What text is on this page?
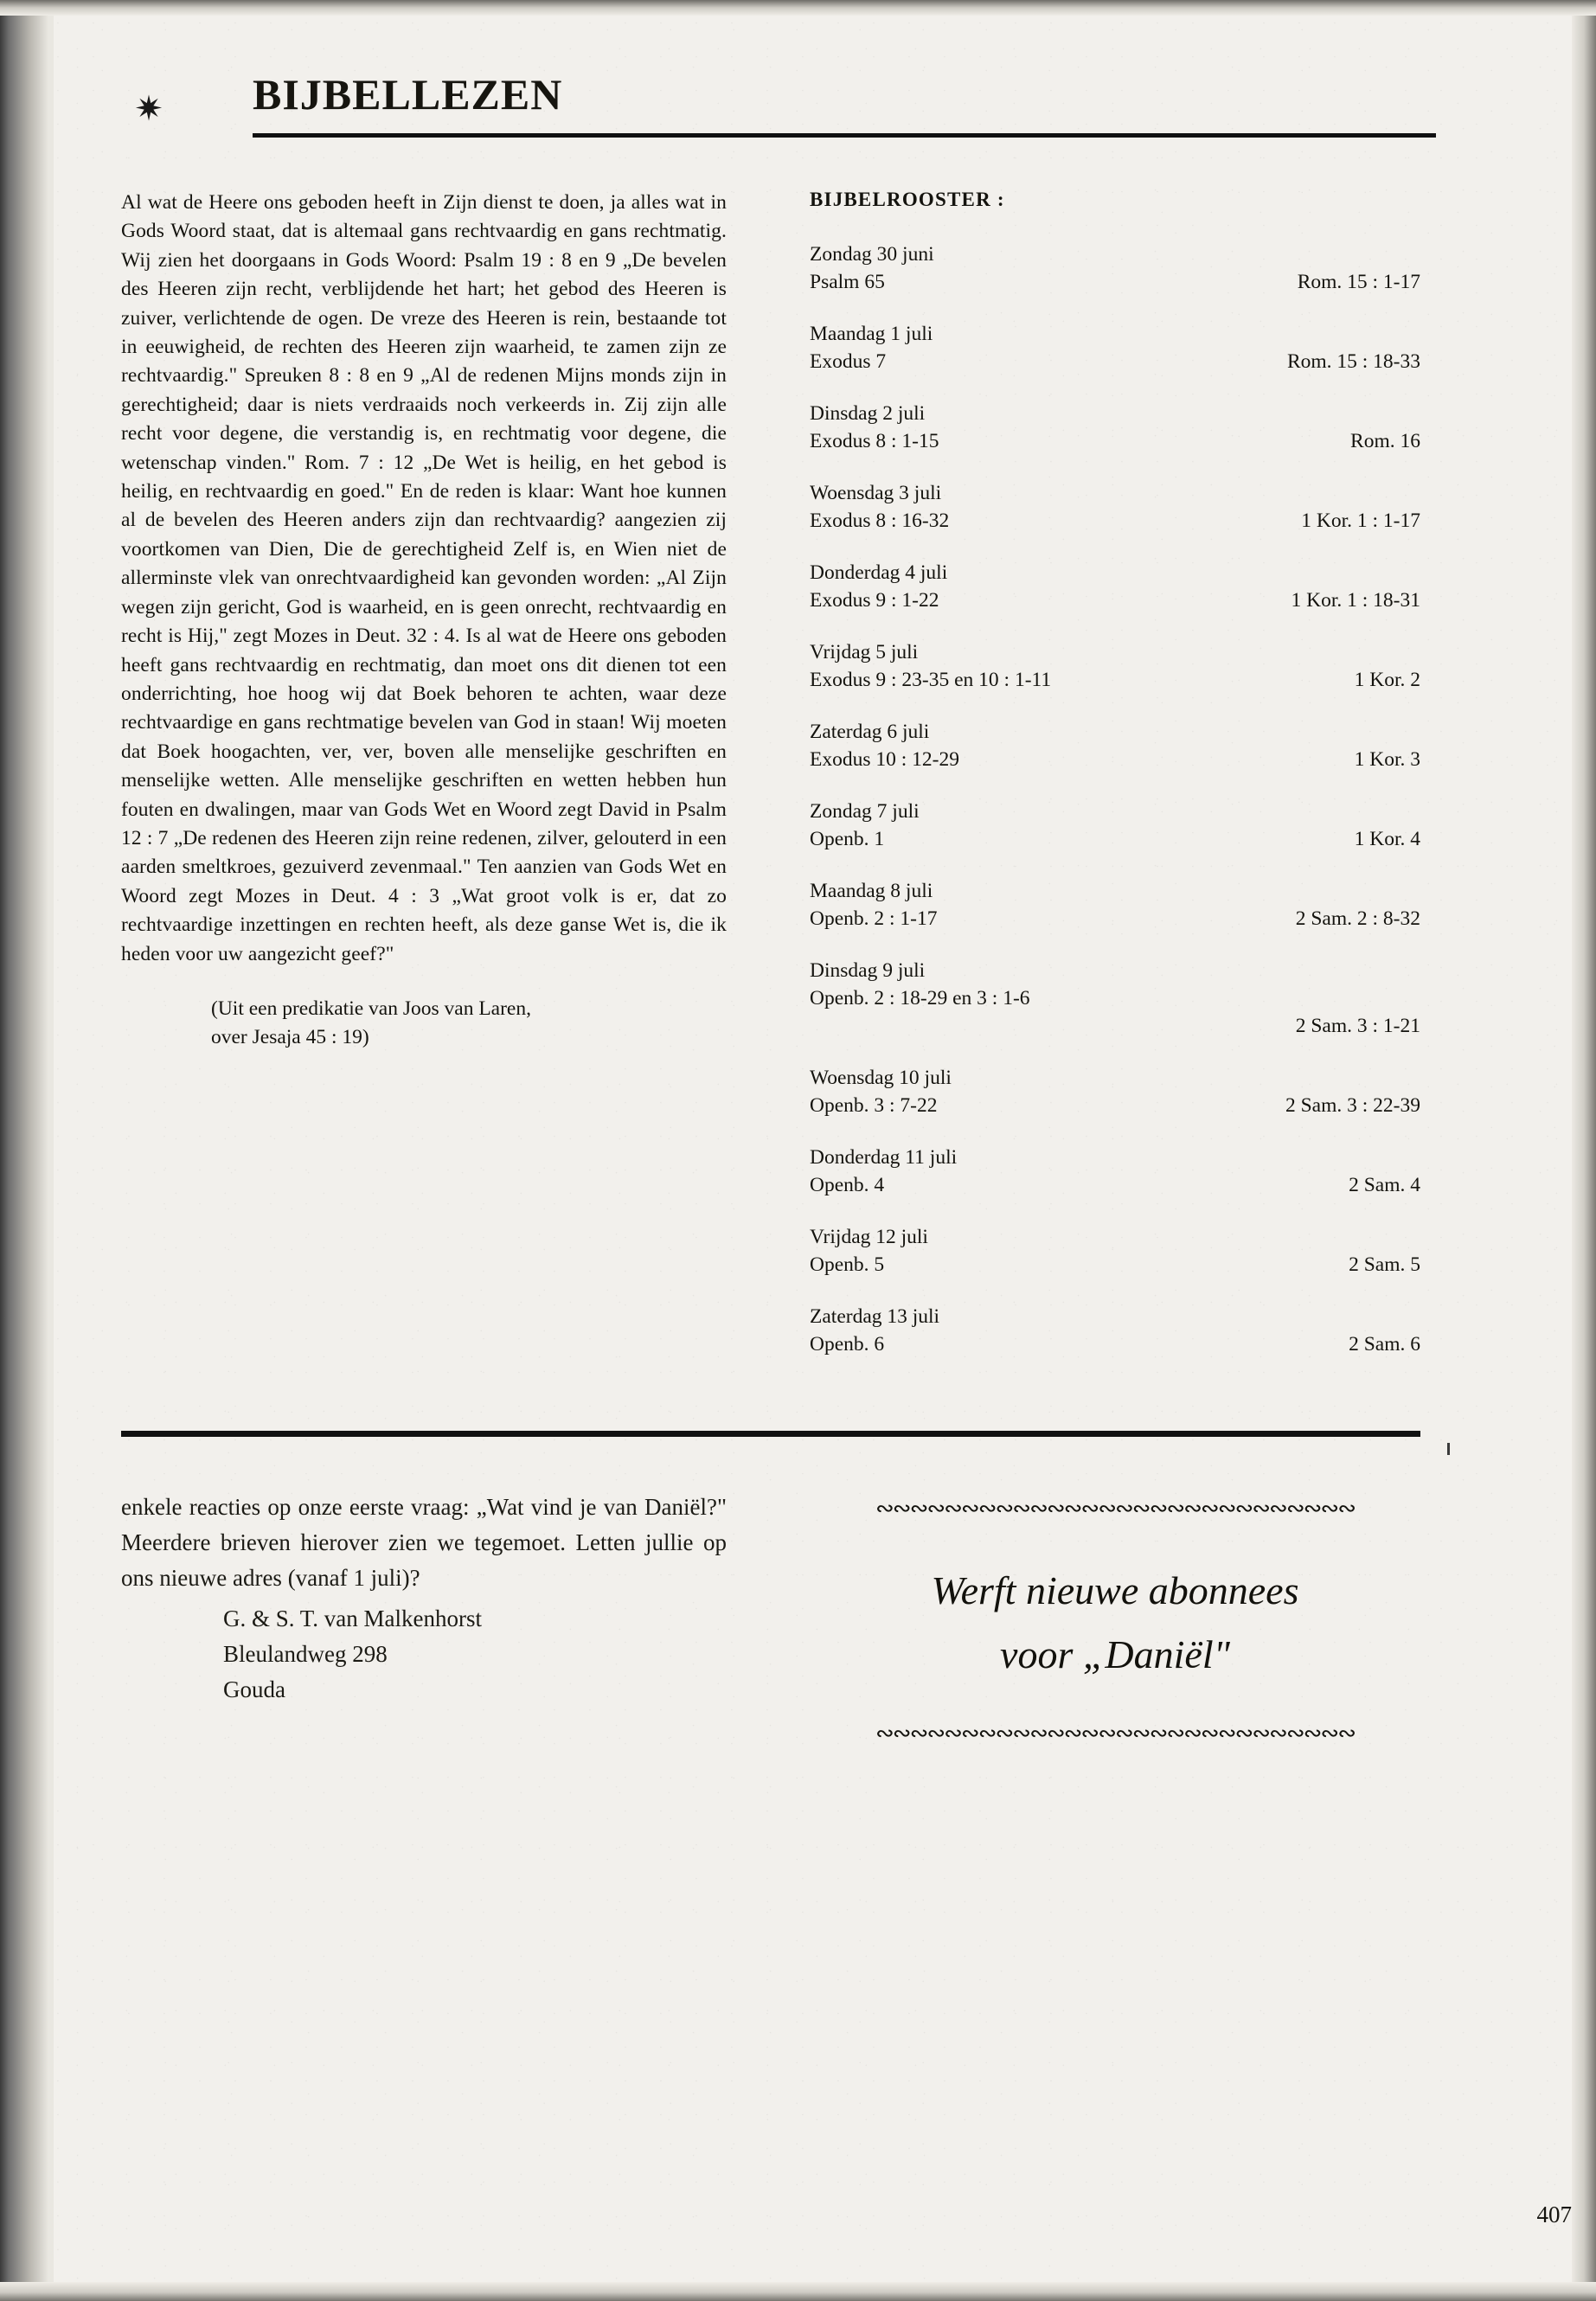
✷ BIJBELLEZEN

Al wat de Heere ons geboden heeft in Zijn dienst te doen, ja alles wat in Gods Woord staat, dat is altemaal gans rechtvaardig en gans rechtmatig. Wij zien het doorgaans in Gods Woord: Psalm 19 : 8 en 9 „De bevelen des Heeren zijn recht, verblijdende het hart; het gebod des Heeren is zuiver, verlichtende de ogen. De vreze des Heeren is rein, bestaande tot in eeuwigheid, de rechten des Heeren zijn waarheid, te zamen zijn ze rechtvaardig." Spreuken 8 : 8 en 9 „Al de redenen Mijns monds zijn in gerechtigheid; daar is niets verdraaids noch verkeerds in. Zij zijn alle recht voor degene, die verstandig is, en rechtmatig voor degene, die wetenschap vinden." Rom. 7 : 12 „De Wet is heilig, en het gebod is heilig, en rechtvaardig en goed." En de reden is klaar: Want hoe kunnen al de bevelen des Heeren anders zijn dan rechtvaardig? aangezien zij voortkomen van Dien, Die de gerechtigheid Zelf is, en Wien niet de allerminste vlek van onrechtvaardigheid kan gevonden worden: „Al Zijn wegen zijn gericht, God is waarheid, en is geen onrecht, rechtvaardig en recht is Hij," zegt Mozes in Deut. 32 : 4. Is al wat de Heere ons geboden heeft gans rechtvaardig en rechtmatig, dan moet ons dit dienen tot een onderrichting, hoe hoog wij dat Boek behoren te achten, waar deze rechtvaardige en gans rechtmatige bevelen van God in staan! Wij moeten dat Boek hoogachten, ver, ver, boven alle menselijke geschriften en menselijke wetten. Alle menselijke geschriften en wetten hebben hun fouten en dwalingen, maar van Gods Wet en Woord zegt David in Psalm 12 : 7 „De redenen des Heeren zijn reine redenen, zilver, gelouterd in een aarden smeltkroes, gezuiverd zevenmaal." Ten aanzien van Gods Wet en Woord zegt Mozes in Deut. 4 : 3 „Wat groot volk is er, dat zo rechtvaardige inzettingen en rechten heeft, als deze ganse Wet is, die ik heden voor uw aangezicht geef?"

(Uit een predikatie van Joos van Laren,
over Jesaja 45 : 19)
BIJBELROOSTER :
Zondag 30 juni
Psalm 65	Rom. 15 : 1-17
Maandag 1 juli
Exodus 7	Rom. 15 : 18-33
Dinsdag 2 juli
Exodus 8 : 1-15	Rom. 16
Woensdag 3 juli
Exodus 8 : 16-32	1 Kor. 1 : 1-17
Donderdag 4 juli
Exodus 9 : 1-22	1 Kor. 1 : 18-31
Vrijdag 5 juli
Exodus 9 : 23-35 en 10 : 1-11	1 Kor. 2
Zaterdag 6 juli
Exodus 10 : 12-29	1 Kor. 3
Zondag 7 juli
Openb. 1	1 Kor. 4
Maandag 8 juli
Openb. 2 : 1-17	2 Sam. 2 : 8-32
Dinsdag 9 juli
Openb. 2 : 18-29 en 3 : 1-6
2 Sam. 3 : 1-21
Woensdag 10 juli
Openb. 3 : 7-22	2 Sam. 3 : 22-39
Donderdag 11 juli
Openb. 4	2 Sam. 4
Vrijdag 12 juli
Openb. 5	2 Sam. 5
Zaterdag 13 juli
Openb. 6	2 Sam. 6

enkele reacties op onze eerste vraag: „Wat vind je van Daniël?" Meerdere brieven hierover zien we tegemoet. Letten jullie op ons nieuwe adres (vanaf 1 juli)?

G. & S. T. van Malkenhorst
Bleulandweg 298
Gouda
∾∾∾∾∾∾∾∾∾∾∾∾∾∾∾∾∾∾∾∾∾∾∾∾∾∾∾∾
Werft nieuwe abonnees
voor „Daniël"
∾∾∾∾∾∾∾∾∾∾∾∾∾∾∾∾∾∾∾∾∾∾∾∾∾∾∾∾
407
